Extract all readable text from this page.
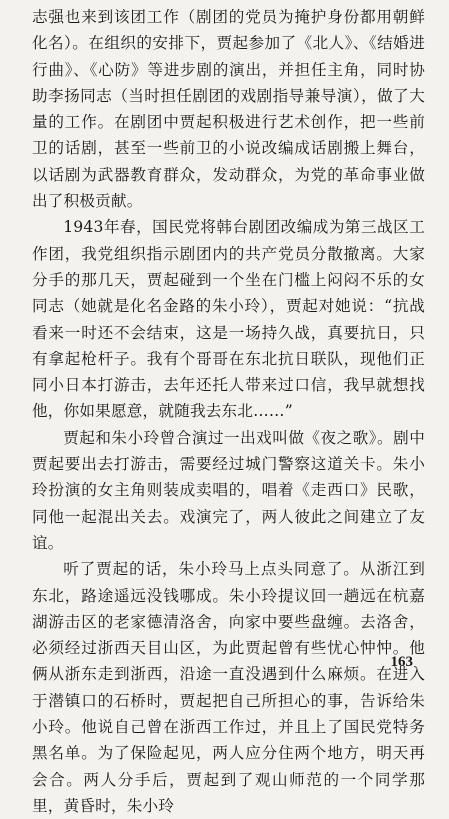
志强也来到该团工作（剧团的党员为掩护身份都用朝鲜化名）。在组织的安排下，贾起参加了《北人》、《结婚进行曲》、《心防》等进步剧的演出，并担任主角，同时协助李扬同志（当时担任剧团的戏剧指导兼导演），做了大量的工作。在剧团中贾起积极进行艺术创作，把一些前卫的话剧，甚至一些前卫的小说改编成话剧搬上舞台，以话剧为武器教育群众，发动群众，为党的革命事业做出了积极贡献。

1943年春，国民党将韩台剧团改编成为第三战区工作团，我党组织指示剧团内的共产党员分散撤离。大家分手的那几天，贾起碰到一个坐在门槛上闷闷不乐的女同志（她就是化名金路的朱小玲），贾起对她说：“抗战看来一时还不会结束，这是一场持久战，真要抗日，只有拿起枪杆子。我有个哥哥在东北抗日联队，现他们正同小日本打游击，去年还托人带来过口信，我早就想找他，你如果愿意，就随我去东北……”

贾起和朱小玲曾合演过一出戏叫做《夜之歌》。剧中贾起要出去打游击，需要经过城门警察这道关卡。朱小玲扮演的女主角则装成卖唱的，唱着《走西口》民歌，同他一起混出关去。戏演完了，两人彼此之间建立了友谊。

听了贾起的话，朱小玲马上点头同意了。从浙江到东北，路途遥远没钱哪成。朱小玲提议回一趟远在杭嘉湖游击区的老家德清洛舍，向家中要些盘缠。去洛舍，必须经过浙西天目山区，为此贾起曾有些忧心忡忡。他俩从浙东走到浙西，沿途一直没遇到什么麻烦。在进入于潜镇口的石桥时，贾起把自己所担心的事，告诉给朱小玲。他说自己曾在浙西工作过，并且上了国民党特务黑名单。为了保险起见，两人应分住两个地方，明天再会合。两人分手后，贾起到了观山师范的一个同学那里，黄昏时，朱小玲

163
